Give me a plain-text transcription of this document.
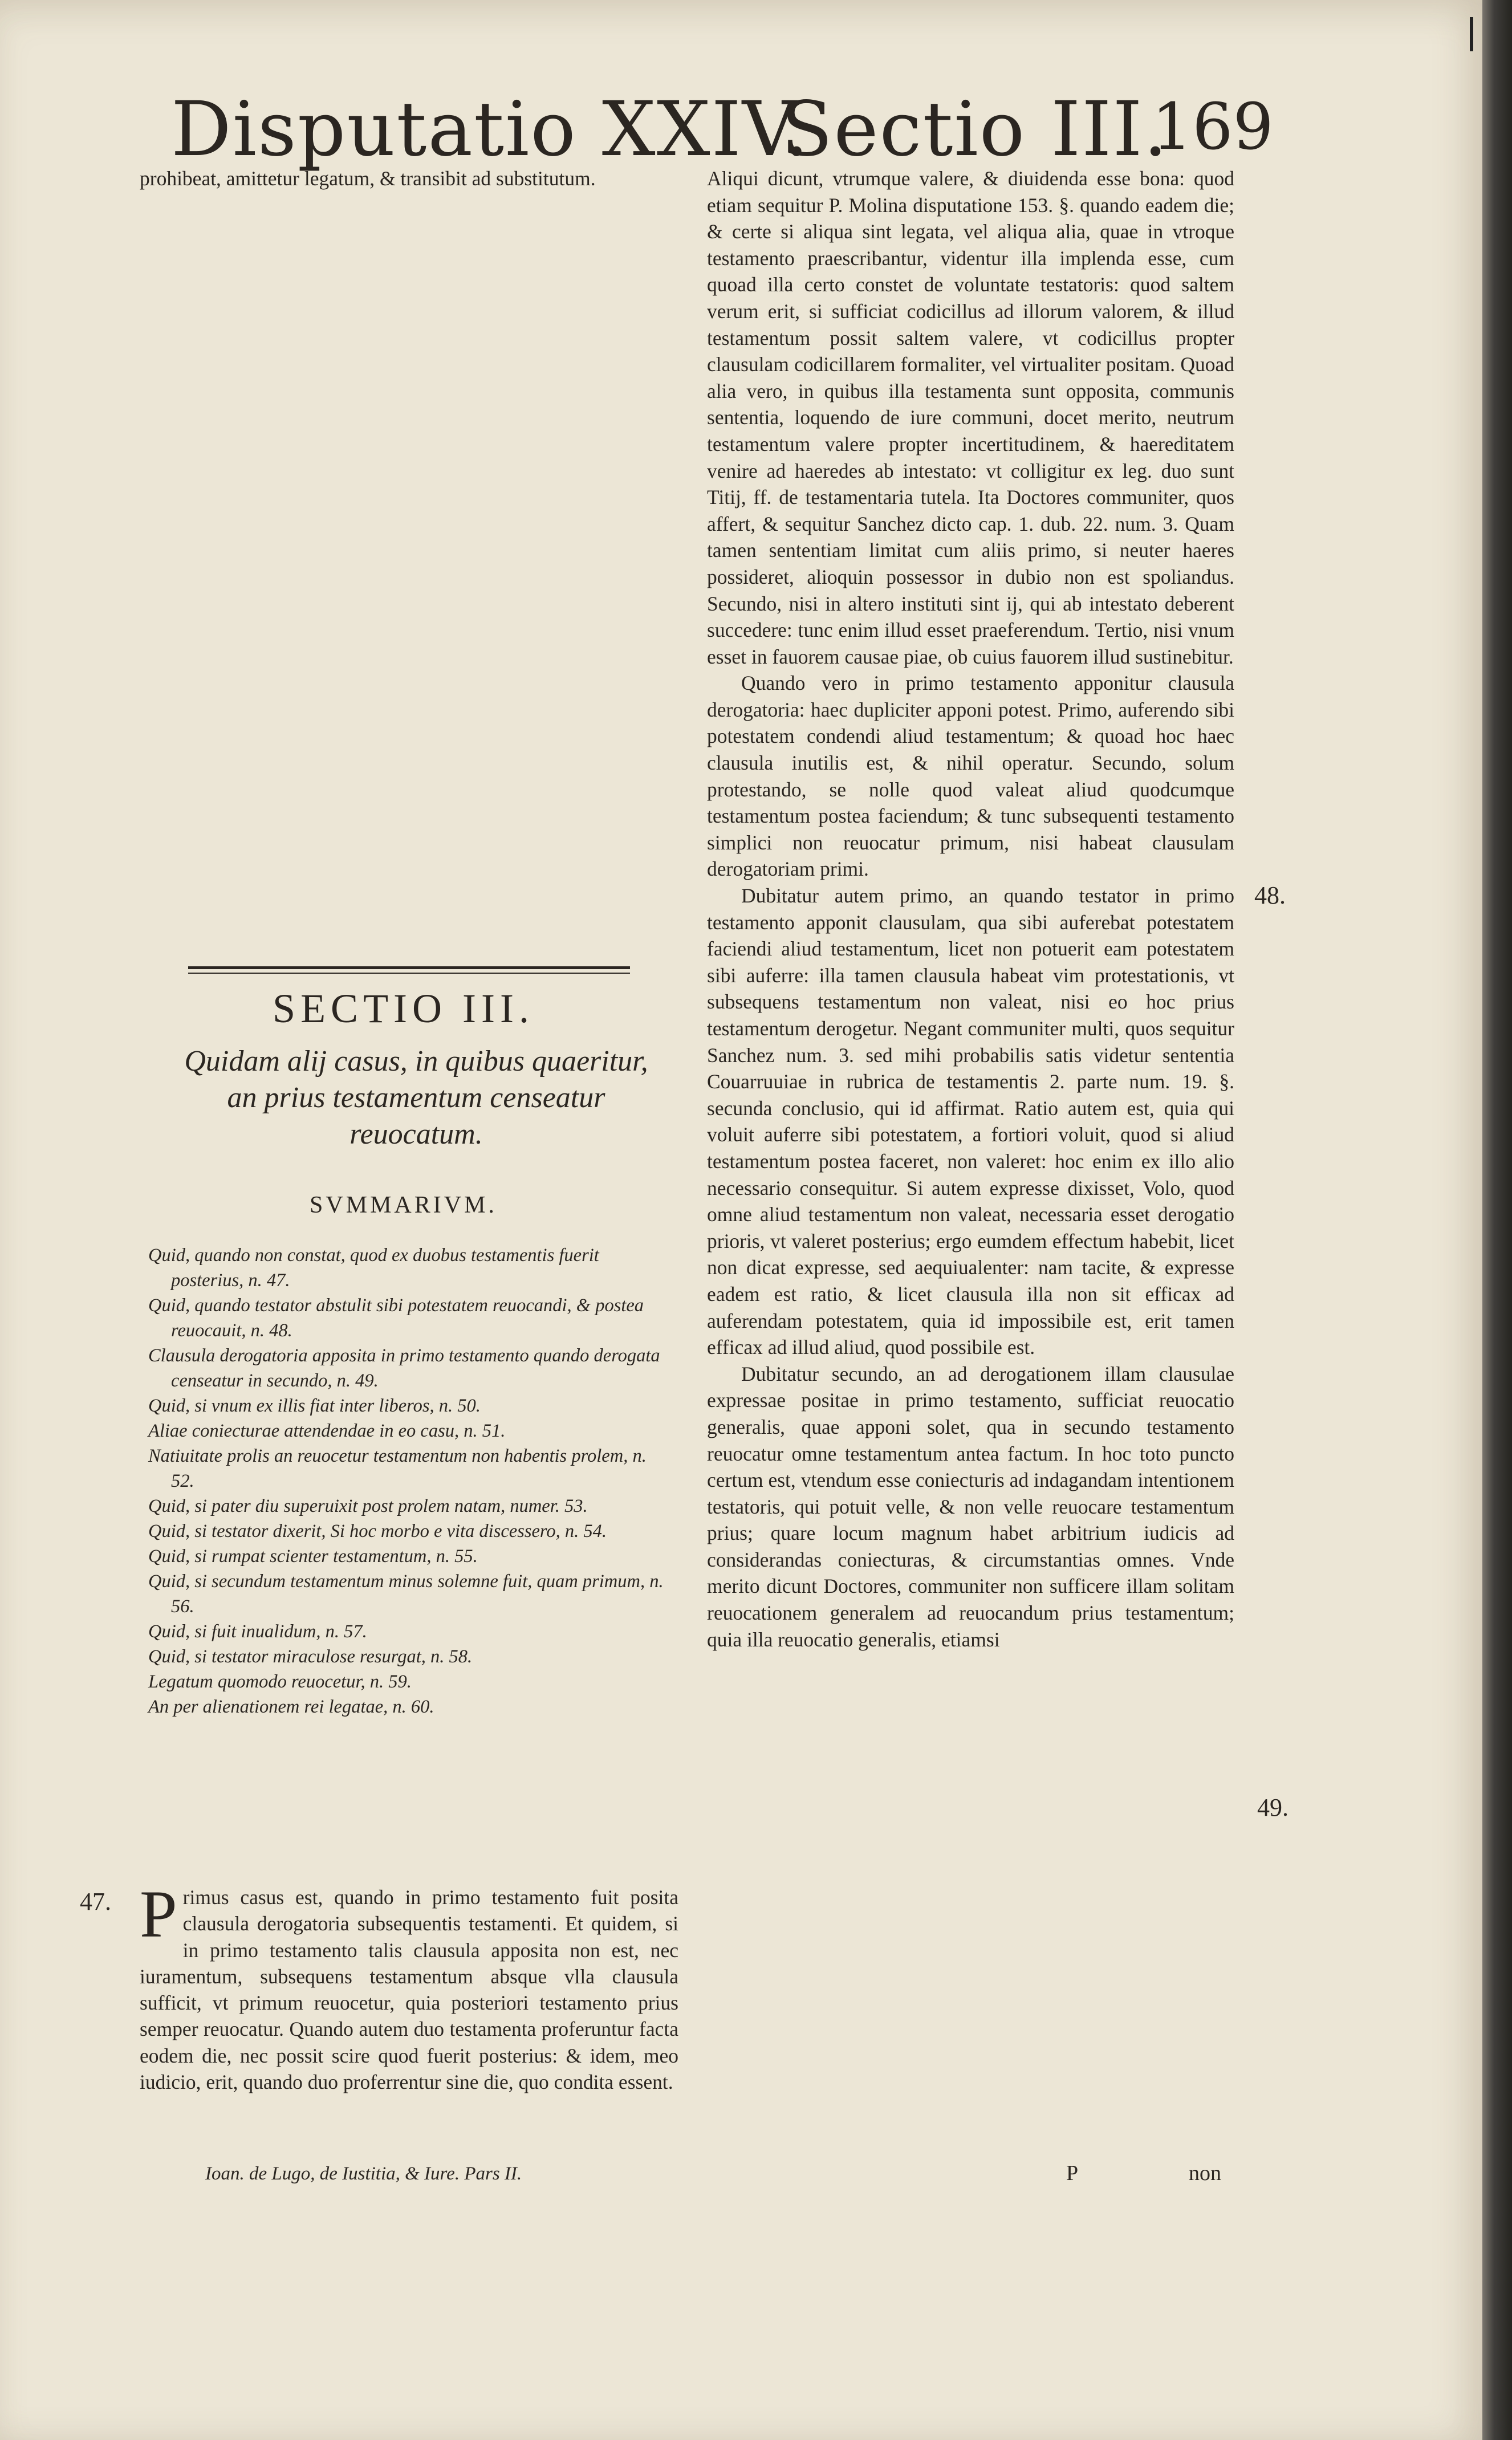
Disputatio XXIV.
Sectio III.
169

prohibeat, amittetur legatum, & transibit ad substitutum.

SECTIO III.
Quidam alij casus, in quibus quaeritur, an prius testamentum censeatur reuocatum.
SVMMARIVM.
Quid, quando non constat, quod ex duobus testamentis fuerit posterius, n. 47.
Quid, quando testator abstulit sibi potestatem reuocandi, & postea reuocauit, n. 48.
Clausula derogatoria apposita in primo testamento quando derogata censeatur in secundo, n. 49.
Quid, si vnum ex illis fiat inter liberos, n. 50.
Aliae coniecturae attendendae in eo casu, n. 51.
Natiuitate prolis an reuocetur testamentum non habentis prolem, n. 52.
Quid, si pater diu superuixit post prolem natam, numer. 53.
Quid, si testator dixerit, Si hoc morbo e vita discessero, n. 54.
Quid, si rumpat scienter testamentum, n. 55.
Quid, si secundum testamentum minus solemne fuit, quam primum, n. 56.
Quid, si fuit inualidum, n. 57.
Quid, si testator miraculose resurgat, n. 58.
Legatum quomodo reuocetur, n. 59.
An per alienationem rei legatae, n. 60.
Primus casus est, quando in primo testamento fuit posita clausula derogatoria subsequentis testamenti. Et quidem, si in primo testamento talis clausula apposita non est, nec iuramentum, subsequens testamentum absque vlla clausula sufficit, vt primum reuocetur, quia posteriori testamento prius semper reuocatur. Quando autem duo testamenta proferuntur facta eodem die, nec possit scire quod fuerit posterius: & idem, meo iudicio, erit, quando duo proferrentur sine die, quo condita essent.
Ioan. de Lugo, de Iustitia, & Iure. Pars II.	P	non

Aliqui dicunt, vtrumque valere, & diuidenda esse bona: quod etiam sequitur P. Molina disputatione 153. §. quando eadem die; & certe si aliqua sint legata, vel aliqua alia, quae in vtroque testamento praescribantur, videntur illa implenda esse, cum quoad illa certo constet de voluntate testatoris: quod saltem verum erit, si sufficiat codicillus ad illorum valorem, & illud testamentum possit saltem valere, vt codicillus propter clausulam codicillarem formaliter, vel virtualiter positam. Quoad alia vero, in quibus illa testamenta sunt opposita, communis sententia, loquendo de iure communi, docet merito, neutrum testamentum valere propter incertitudinem, & haereditatem venire ad haeredes ab intestato: vt colligitur ex leg. duo sunt Titij, ff. de testamentaria tutela. Ita Doctores communiter, quos affert, & sequitur Sanchez dicto cap. 1. dub. 22. num. 3. Quam tamen sententiam limitat cum aliis primo, si neuter haeres possideret, alioquin possessor in dubio non est spoliandus. Secundo, nisi in altero instituti sint ij, qui ab intestato deberent succedere: tunc enim illud esset praeferendum. Tertio, nisi vnum esset in fauorem causae piae, ob cuius fauorem illud sustinebitur.

Quando vero in primo testamento apponitur clausula derogatoria: haec dupliciter apponi potest. Primo, auferendo sibi potestatem condendi aliud testamentum; & quoad hoc haec clausula inutilis est, & nihil operatur. Secundo, solum protestando, se nolle quod valeat aliud quodcumque testamentum postea faciendum; & tunc subsequenti testamento simplici non reuocatur primum, nisi habeat clausulam derogatoriam primi.

Dubitatur autem primo, an quando testator in primo testamento apponit clausulam, qua sibi auferebat potestatem faciendi aliud testamentum, licet non potuerit eam potestatem sibi auferre: illa tamen clausula habeat vim protestationis, vt subsequens testamentum non valeat, nisi eo hoc prius testamentum derogetur. Negant communiter multi, quos sequitur Sanchez num. 3. sed mihi probabilis satis videtur sententia Couarruuiae in rubrica de testamentis 2. parte num. 19. §. secunda conclusio, qui id affirmat. Ratio autem est, quia qui voluit auferre sibi potestatem, a fortiori voluit, quod si aliud testamentum postea faceret, non valeret: hoc enim ex illo alio necessario consequitur. Si autem expresse dixisset, Volo, quod omne aliud testamentum non valeat, necessaria esset derogatio prioris, vt valeret posterius; ergo eumdem effectum habebit, licet non dicat expresse, sed aequiualenter: nam tacite, & expresse eadem est ratio, & licet clausula illa non sit efficax ad auferendam potestatem, quia id impossibile est, erit tamen efficax ad illud aliud, quod possibile est.

Dubitatur secundo, an ad derogationem illam clausulae expressae positae in primo testamento, sufficiat reuocatio generalis, quae apponi solet, qua in secundo testamento reuocatur omne testamentum antea factum. In hoc toto puncto certum est, vtendum esse coniecturis ad indagandam intentionem testatoris, qui potuit velle, & non velle reuocare testamentum prius; quare locum magnum habet arbitrium iudicis ad considerandas coniecturas, & circumstantias omnes. Vnde merito dicunt Doctores, communiter non sufficere illam solitam reuocationem generalem ad reuocandum prius testamentum; quia illa reuocatio generalis, etiamsi

47.
48.
49.
